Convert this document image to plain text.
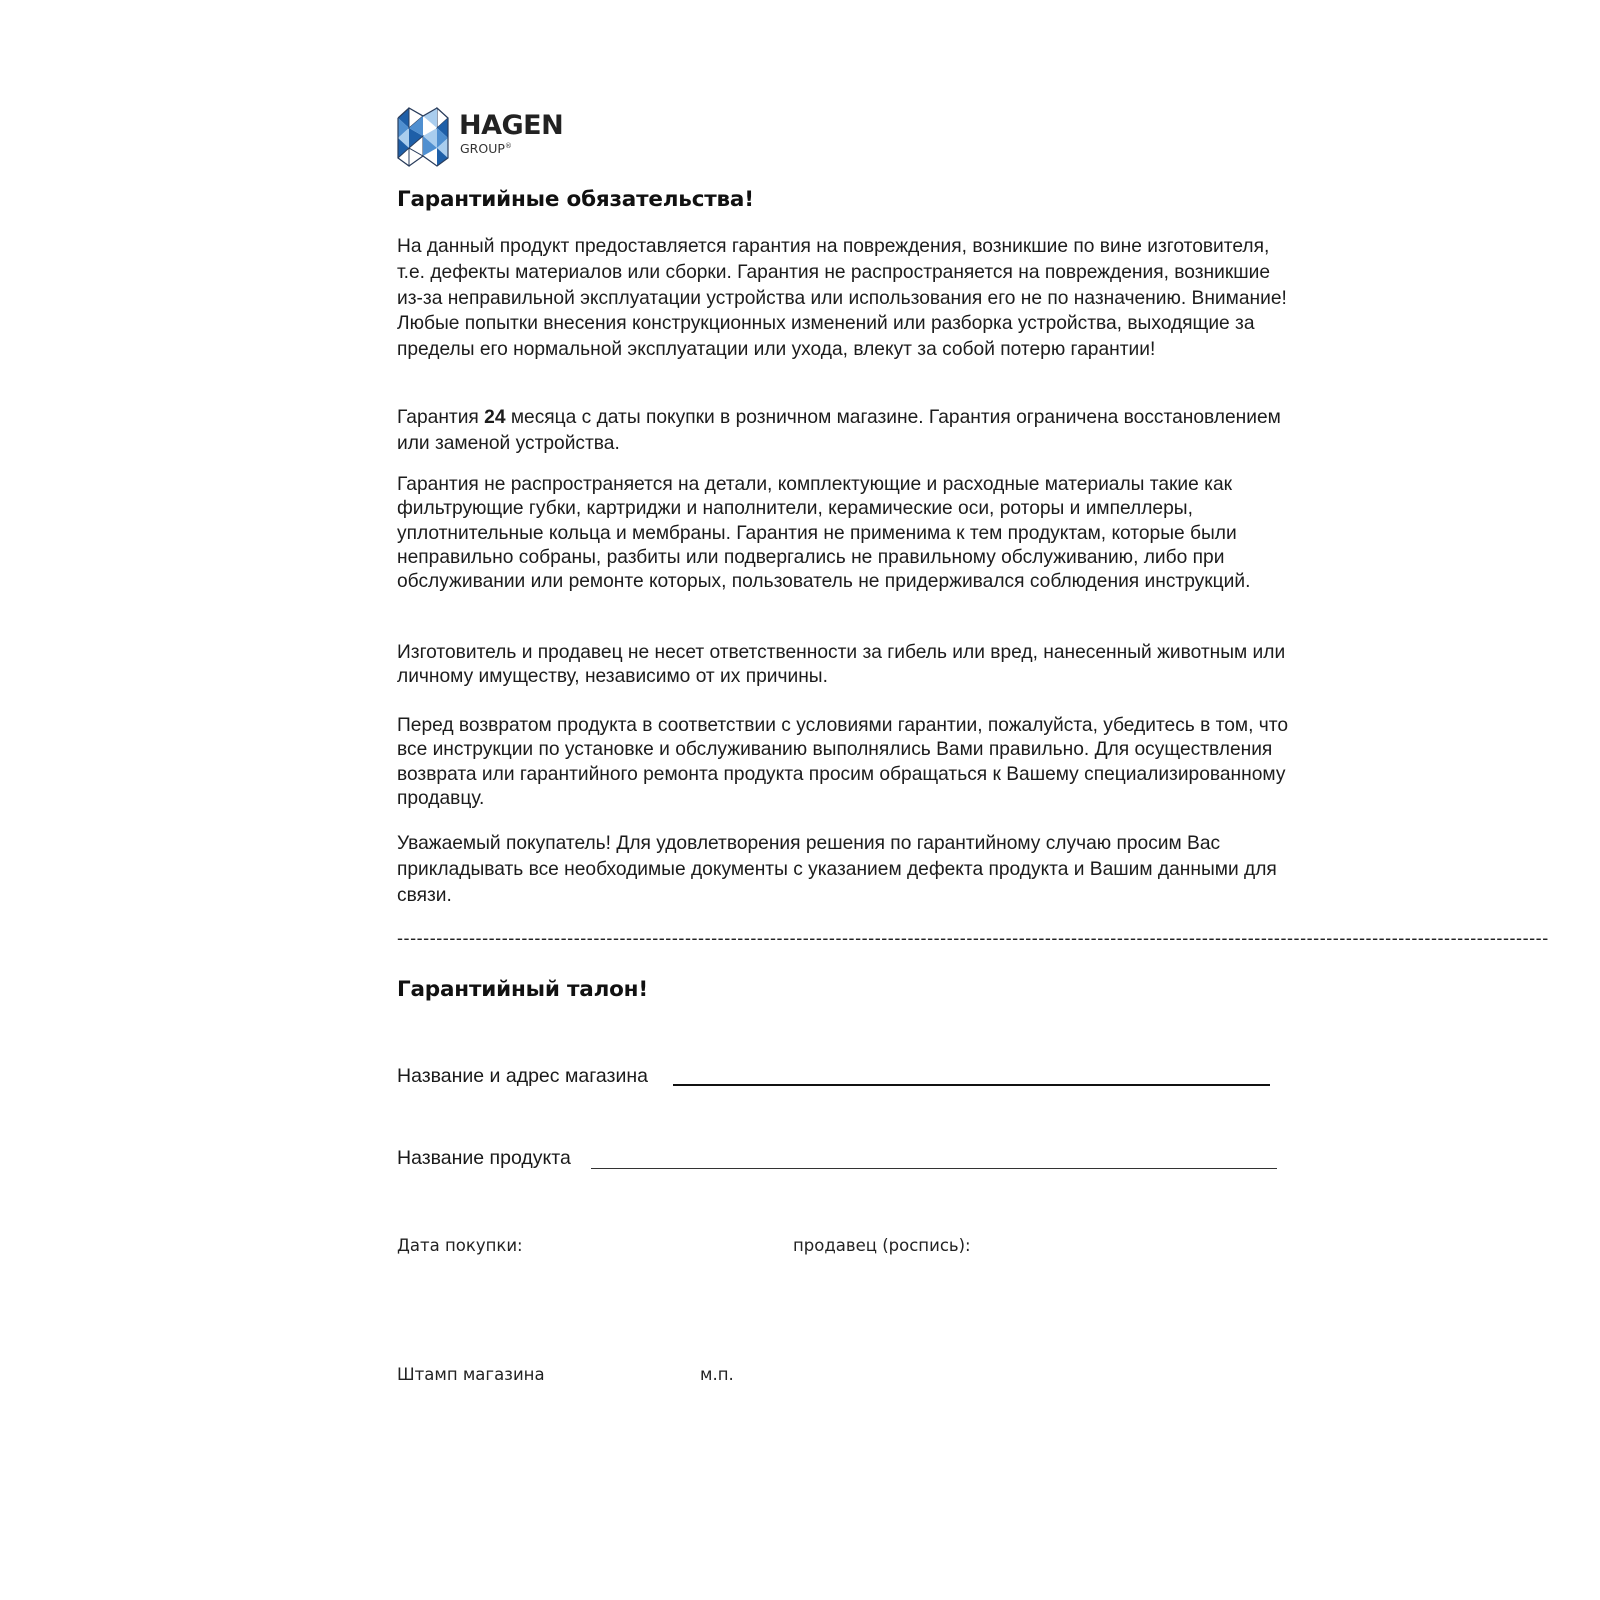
HAGEN
GROUP®
Гарантийные обязательства!

На данный продукт предоставляется гарантия на повреждения, возникшие по вине изготовителя, т.е. дефекты материалов или сборки. Гарантия не распространяется на повреждения, возникшие из-за неправильной эксплуатации устройства или использования его не по назначению. Внимание! Любые попытки внесения конструкционных изменений или разборка устройства, выходящие за пределы его нормальной эксплуатации или ухода, влекут за собой потерю гарантии!

Гарантия 24 месяца с даты покупки в розничном магазине. Гарантия ограничена восстановлением или заменой устройства.

Гарантия не распространяется на детали, комплектующие и расходные материалы такие как фильтрующие губки, картриджи и наполнители, керамические оси, роторы и импеллеры, уплотнительные кольца и мембраны. Гарантия не применима к тем продуктам, которые были неправильно собраны, разбиты или подвергались не правильному обслуживанию, либо при обслуживании или ремонте которых, пользователь не придерживался соблюдения инструкций.

Изготовитель и продавец не несет ответственности за гибель или вред, нанесенный животным или личному имуществу, независимо от их причины.

Перед возвратом продукта в соответствии с условиями гарантии, пожалуйста, убедитесь в том, что все инструкции по установке и обслуживанию выполнялись Вами правильно. Для осуществления возврата или гарантийного ремонта продукта просим обращаться к Вашему специализированному продавцу.

Уважаемый покупатель! Для удовлетворения решения по гарантийному случаю просим Вас прикладывать все необходимые документы с указанием дефекта продукта и Вашим данными для связи.

--------------------------------------------------------------------------------------------------------------------------------------------------------------------------------
Гарантийный талон!
Название и адрес магазина
Название продукта
Дата покупки:	продавец (роспись):
Штамп магазина	м.п.
